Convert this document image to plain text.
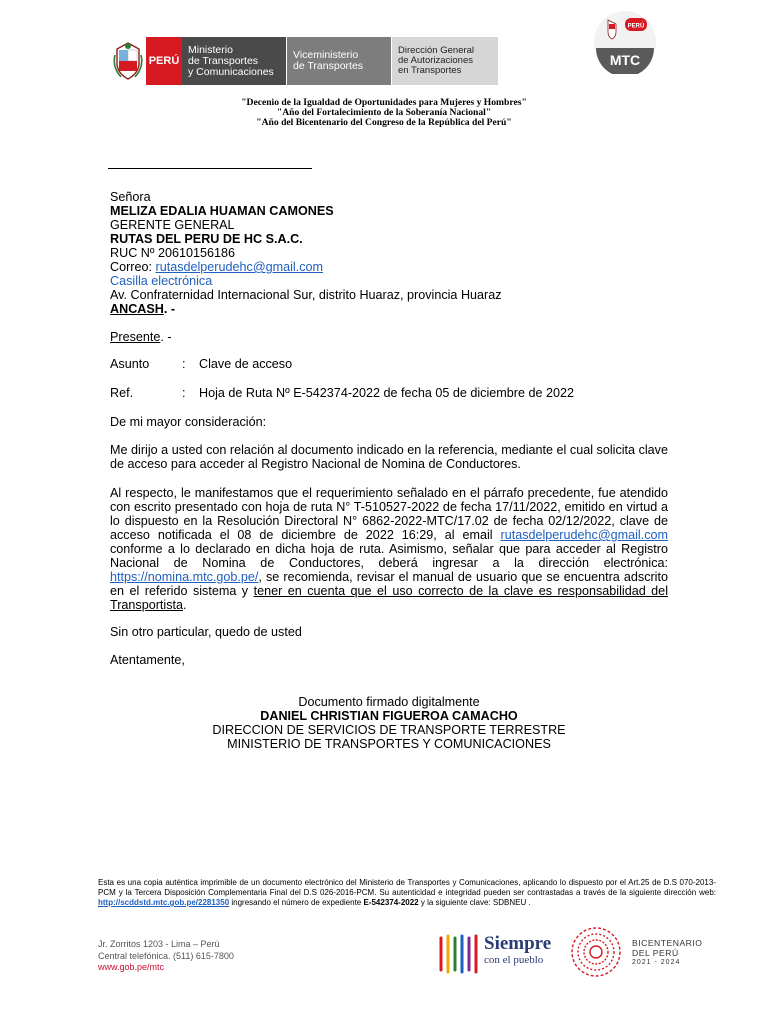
PERÚ
Ministerio
de Transportes
y Comunicaciones
Viceministerio
de Transportes
Dirección General
de Autorizaciones
en Transportes
PERÚ
MTC
"Decenio de la Igualdad de Oportunidades para Mujeres y Hombres"
"Año del Fortalecimiento de la Soberanía Nacional"
"Año del Bicentenario del Congreso de la República del Perú"
Señora
MELIZA EDALIA HUAMAN CAMONES
GERENTE GENERAL
RUTAS DEL PERU DE HC S.A.C.
RUC Nº 20610156186
Correo: rutasdelperudehc@gmail.com
Casilla electrónica
Av. Confraternidad Internacional Sur, distrito Huaraz, provincia Huaraz
ANCASH. -
Presente. -
Asunto	:	Clave de acceso
Ref.	:	Hoja de Ruta Nº E-542374-2022 de fecha 05 de diciembre de 2022
De mi mayor consideración:
Me dirijo a usted con relación al documento indicado en la referencia, mediante el cual solicita clave de acceso para acceder al Registro Nacional de Nomina de Conductores.
Al respecto, le manifestamos que el requerimiento señalado en el párrafo precedente, fue atendido con escrito presentado con hoja de ruta N° T-510527-2022 de fecha 17/11/2022, emitido en virtud a lo dispuesto en la Resolución Directoral N° 6862-2022-MTC/17.02 de fecha 02/12/2022, clave de acceso notificada el 08 de diciembre de 2022 16:29, al email rutasdelperudehc@gmail.com conforme a lo declarado en dicha hoja de ruta. Asimismo, señalar que para acceder al Registro Nacional de Nomina de Conductores, deberá ingresar a la dirección electrónica: https://nomina.mtc.gob.pe/, se recomienda, revisar el manual de usuario que se encuentra adscrito en el referido sistema y tener en cuenta que el uso correcto de la clave es responsabilidad del Transportista.
Sin otro particular, quedo de usted
Atentamente,
Documento firmado digitalmente
DANIEL CHRISTIAN FIGUEROA CAMACHO
DIRECCION DE SERVICIOS DE TRANSPORTE TERRESTRE
MINISTERIO DE TRANSPORTES Y COMUNICACIONES
Esta es una copia auténtica imprimible de un documento electrónico del Ministerio de Transportes y Comunicaciones, aplicando lo dispuesto por el Art.25 de D.S 070-2013-PCM y la Tercera Disposición Complementaria Final del D.S 026-2016-PCM. Su autenticidad e integridad pueden ser contrastadas a través de la siguiente dirección web: http://scddstd.mtc.gob.pe/2281350 ingresando el número de expediente E-542374-2022 y la siguiente clave: SDBNEU .
Jr. Zorritos 1203 - Lima – Perú
Central telefónica. (511) 615-7800
www.gob.pe/mtc
Siempre
con el pueblo
BICENTENARIO
DEL PERÚ
2021 - 2024
